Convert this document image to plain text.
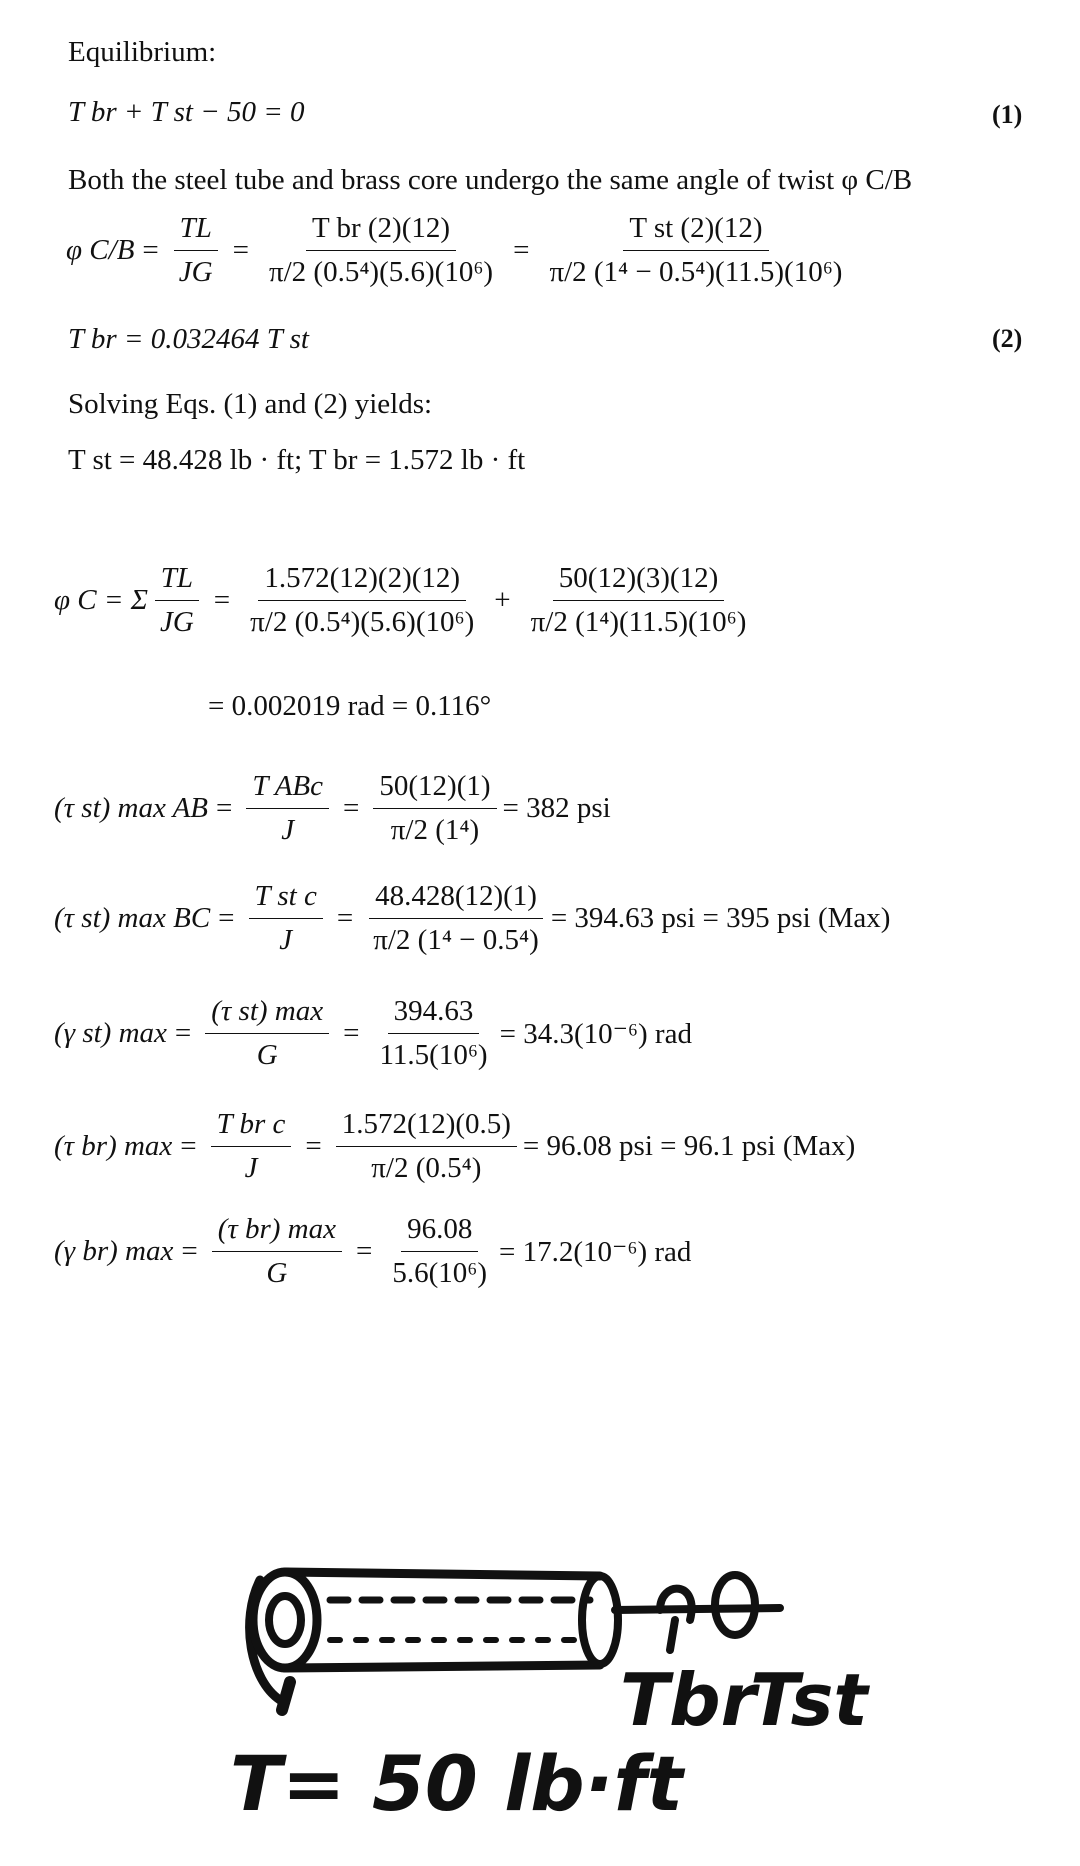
Equilibrium:
T br + T st − 50 = 0	(1)
Both the steel tube and brass core undergo the same angle of twist φ C/B
φ $C/B = \frac{TL}{JG} = \frac{\text{T br (2)(12)}}{\text{π/2 (0.5⁴)(5.6)(10⁶)}} = \frac{\text{T st (2)(12)}}{\text{π/2 (1⁴ − 0.5⁴)(11.5)(10⁶)}}$
T br = 0.032464 T st	(2)
Solving Eqs. (1) and (2) yields:
T st = 48.428 lb · ft; T br = 1.572 lb · ft
φ C = Σ $\frac{TL}{JG} = \frac{1.572(12)(2)(12)}{\text{π/2 (0.5⁴)(5.6)(10⁶)}} + \frac{50(12)(3)(12)}{\text{π/2 (1⁴)(11.5)(10⁶)}}$
= 0.002019 rad = 0.116°
(τ st) max AB = $\frac{\text{T ABc}}{J} = \frac{50(12)(1)}{\text{π/2 (1⁴)}} = 382$ psi
(τ st) max BC = $\frac{\text{T st c}}{J} = \frac{48.428(12)(1)}{\text{π/2 (1⁴ − 0.5⁴)}} = 394.63$ psi = 395 psi (Max)
(γ st) $\max = \frac{\text{(τ st) max}}{G} = \frac{394.63}{\text{11.5(10⁶)}} = 34.3(10^{-6})$ rad
(τ br) $\max = \frac{\text{T br c}}{J} = \frac{1.572(12)(0.5)}{\text{π/2 (0.5⁴)}} = 96.08$ psi = 96.1 psi (Max)
(γ br) $\max = \frac{\text{(τ br) max}}{G} = \frac{96.08}{\text{5.6(10⁶)}} = 17.2(10^{-6})$ rad
Tbr
Tst
T= 50 lb·ft
